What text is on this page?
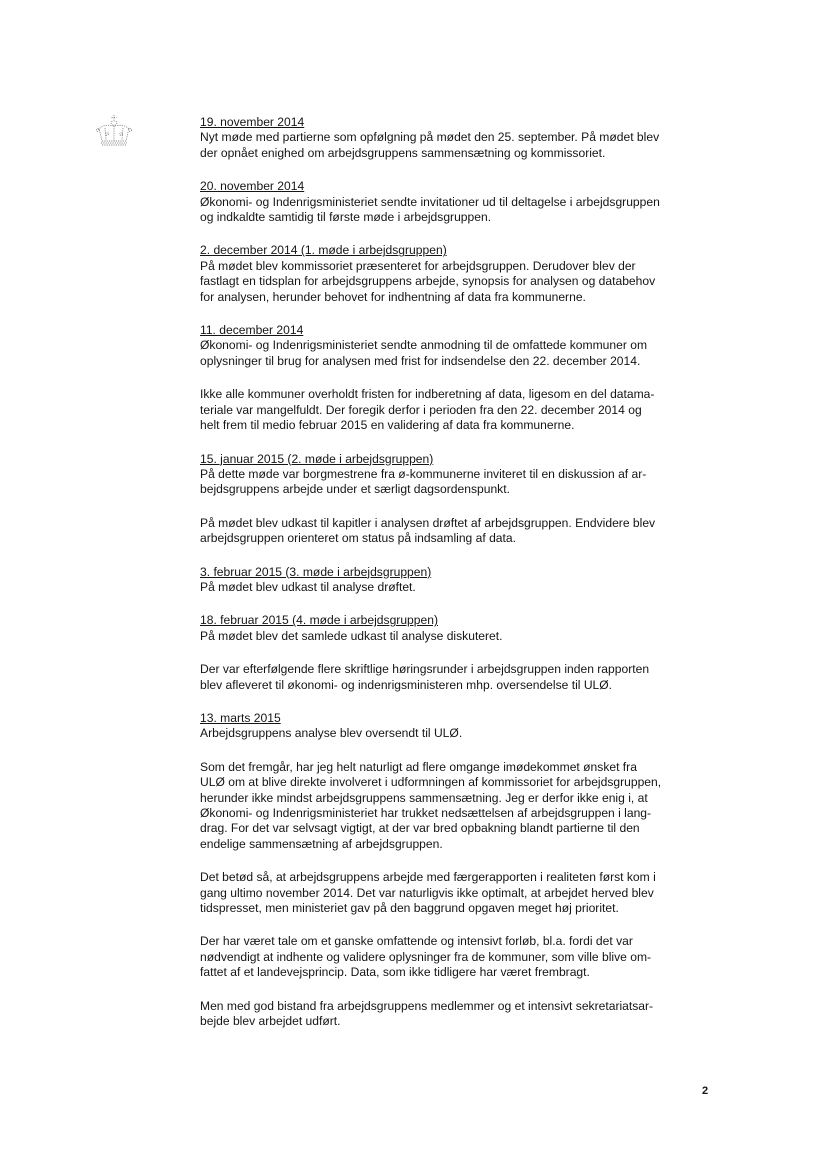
19. november 2014

Nyt møde med partierne som opfølgning på mødet den 25. september. På mødet blev
der opnået enighed om arbejdsgruppens sammensætning og kommissoriet.

20. november 2014

Økonomi- og Indenrigsministeriet sendte invitationer ud til deltagelse i arbejdsgruppen
og indkaldte samtidig til første møde i arbejdsgruppen.

2. december 2014 (1. møde i arbejdsgruppen)

På mødet blev kommissoriet præsenteret for arbejdsgruppen. Derudover blev der
fastlagt en tidsplan for arbejdsgruppens arbejde, synopsis for analysen og databehov
for analysen, herunder behovet for indhentning af data fra kommunerne.

11. december 2014

Økonomi- og Indenrigsministeriet sendte anmodning til de omfattede kommuner om
oplysninger til brug for analysen med frist for indsendelse den 22. december 2014.

Ikke alle kommuner overholdt fristen for indberetning af data, ligesom en del datama-
teriale var mangelfuldt. Der foregik derfor i perioden fra den 22. december 2014 og
helt frem til medio februar 2015 en validering af data fra kommunerne.

15. januar 2015 (2. møde i arbejdsgruppen)

På dette møde var borgmestrene fra ø-kommunerne inviteret til en diskussion af ar-
bejdsgruppens arbejde under et særligt dagsordenspunkt.

På mødet blev udkast til kapitler i analysen drøftet af arbejdsgruppen. Endvidere blev
arbejdsgruppen orienteret om status på indsamling af data.

3. februar 2015 (3. møde i arbejdsgruppen)

På mødet blev udkast til analyse drøftet.

18. februar 2015 (4. møde i arbejdsgruppen)

På mødet blev det samlede udkast til analyse diskuteret.

Der var efterfølgende flere skriftlige høringsrunder i arbejdsgruppen inden rapporten
blev afleveret til økonomi- og indenrigsministeren mhp. oversendelse til ULØ.

13. marts 2015

Arbejdsgruppens analyse blev oversendt til ULØ.

Som det fremgår, har jeg helt naturligt ad flere omgange imødekommet ønsket fra
ULØ om at blive direkte involveret i udformningen af kommissoriet for arbejdsgruppen,
herunder ikke mindst arbejdsgruppens sammensætning. Jeg er derfor ikke enig i, at
Økonomi- og Indenrigsministeriet har trukket nedsættelsen af arbejdsgruppen i lang-
drag. For det var selvsagt vigtigt, at der var bred opbakning blandt partierne til den
endelige sammensætning af arbejdsgruppen.

Det betød så, at arbejdsgruppens arbejde med færgerapporten i realiteten først kom i
gang ultimo november 2014. Det var naturligvis ikke optimalt, at arbejdet herved blev
tidspresset, men ministeriet gav på den baggrund opgaven meget høj prioritet.

Der har været tale om et ganske omfattende og intensivt forløb, bl.a. fordi det var
nødvendigt at indhente og validere oplysninger fra de kommuner, som ville blive om-
fattet af et landevejsprincip. Data, som ikke tidligere har været frembragt.

Men med god bistand fra arbejdsgruppens medlemmer og et intensivt sekretariatsar-
bejde blev arbejdet udført.

2
